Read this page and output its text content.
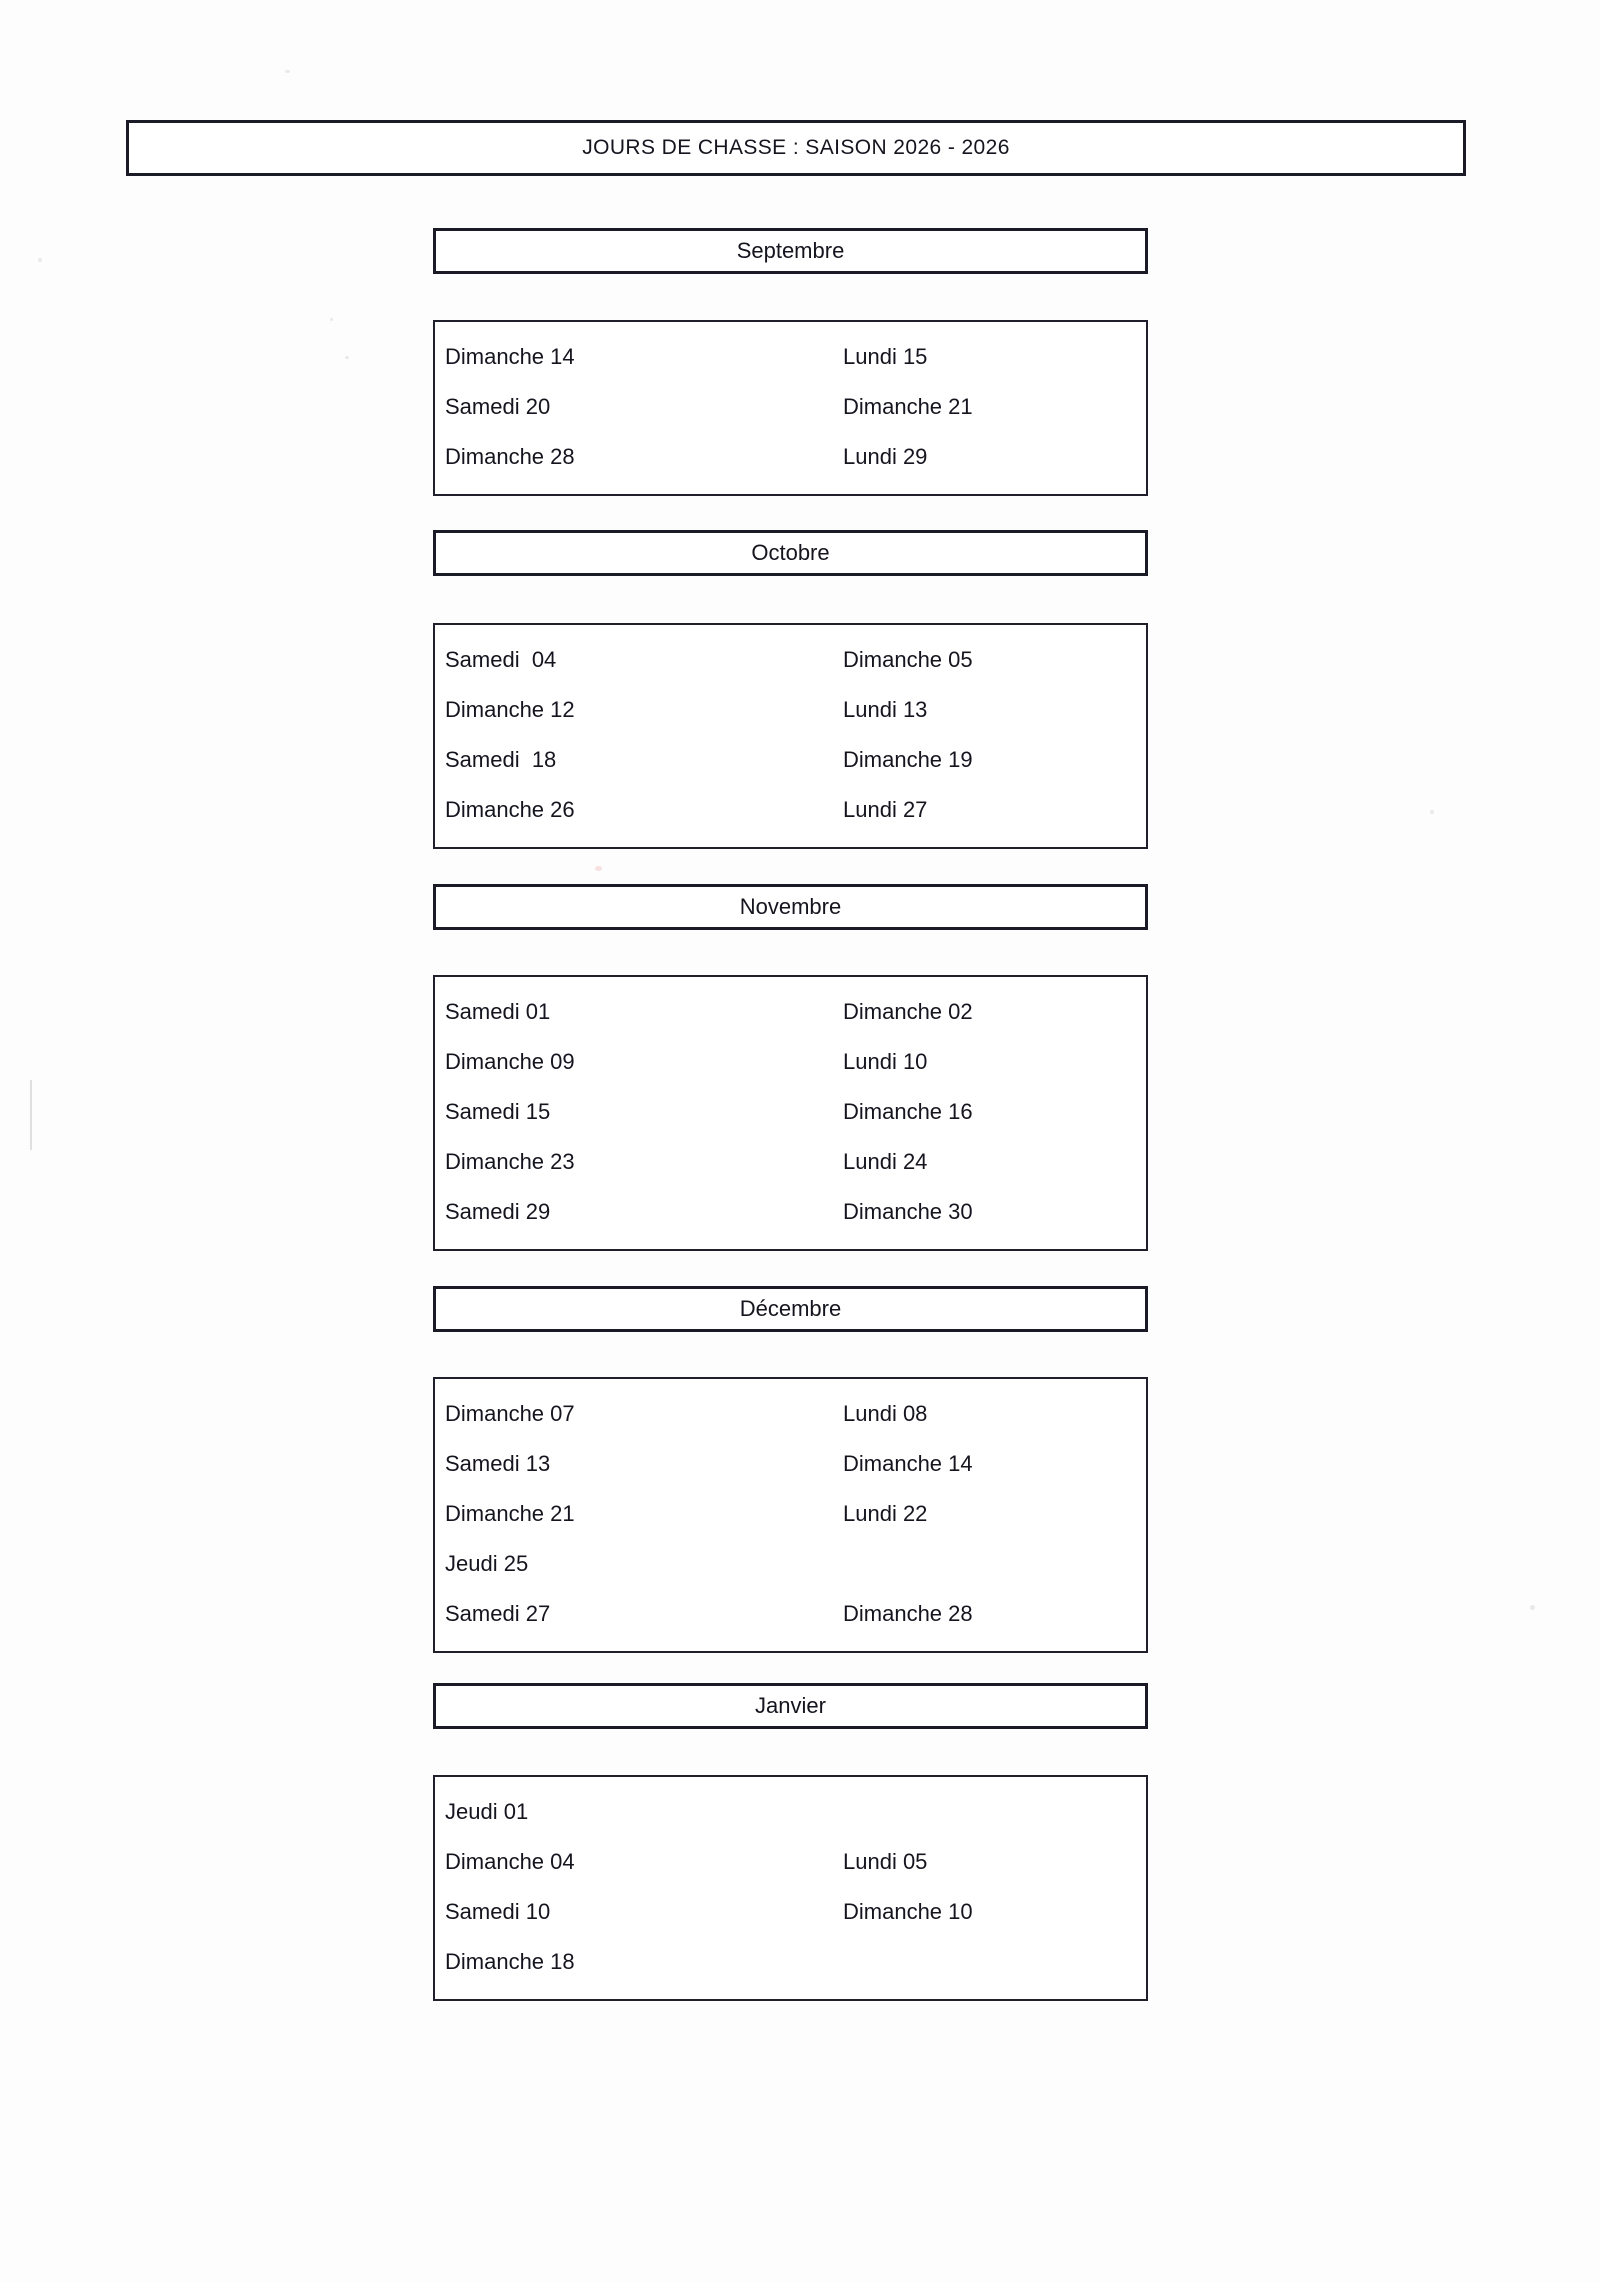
JOURS DE CHASSE : SAISON 2026 - 2026
Septembre
Dimanche 14	Lundi 15
Samedi 20	Dimanche 21
Dimanche 28	Lundi 29
Octobre
Samedi  04	Dimanche 05
Dimanche 12	Lundi 13
Samedi  18	Dimanche 19
Dimanche 26	Lundi 27
Novembre
Samedi 01	Dimanche 02
Dimanche 09	Lundi 10
Samedi 15	Dimanche 16
Dimanche 23	Lundi 24
Samedi 29	Dimanche 30
Décembre
Dimanche 07	Lundi 08
Samedi 13	Dimanche 14
Dimanche 21	Lundi 22
Jeudi 25
Samedi 27	Dimanche 28
Janvier
Jeudi 01
Dimanche 04	Lundi 05
Samedi 10	Dimanche 10
Dimanche 18
